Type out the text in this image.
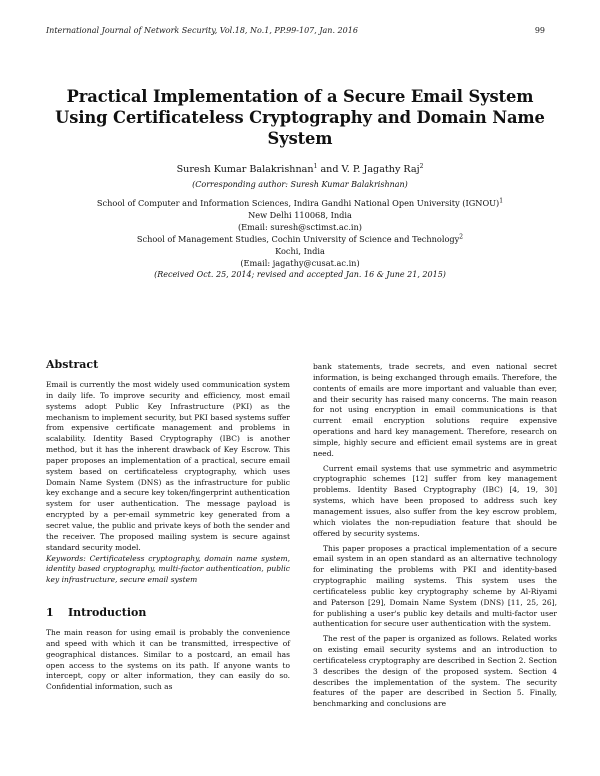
International Journal of Network Security, Vol.18, No.1, PP.99-107, Jan. 2016	99
Practical Implementation of a Secure Email System Using Certificateless Cryptography and Domain Name System
Suresh Kumar Balakrishnan$^1$ and V. P. Jagathy Raj$^2$
(Corresponding author: Suresh Kumar Balakrishnan)
School of Computer and Information Sciences, Indira Gandhi National Open University (IGNOU)$^1$
New Delhi 110068, India
(Email: suresh@sctimst.ac.in)
School of Management Studies, Cochin University of Science and Technology$^2$
Kochi, India
(Email: jagathy@cusat.ac.in)
(Received Oct. 25, 2014; revised and accepted Jan. 16 & June 21, 2015)
Abstract

Email is currently the most widely used communication system in daily life. To improve security and efficiency, most email systems adopt Public Key Infrastructure (PKI) as the mechanism to implement security, but PKI based systems suffer from expensive certificate management and problems in scalability. Identity Based Cryptography (IBC) is another method, but it has the inherent drawback of Key Escrow. This paper proposes an implementation of a practical, secure email system based on certificateless cryptography, which uses Domain Name System (DNS) as the infrastructure for public key exchange and a secure key token/fingerprint authentication system for user authentication. The message payload is encrypted by a per-email symmetric key generated from a secret value, the public and private keys of both the sender and the receiver. The proposed mailing system is secure against standard security model.

Keywords: Certificateless cryptography, domain name system, identity based cryptography, multi-factor authentication, public key infrastructure, secure email system

1 Introduction

The main reason for using email is probably the convenience and speed with which it can be transmitted, irrespective of geographical distances. Similar to a postcard, an email has open access to the systems on its path. If anyone wants to intercept, copy or alter information, they can easily do so. Confidential information, such as

bank statements, trade secrets, and even national secret information, is being exchanged through emails. Therefore, the contents of emails are more important and valuable than ever, and their security has raised many concerns. The main reason for not using encryption in email communications is that current email encryption solutions require expensive operations and hard key management. Therefore, research on simple, highly secure and efficient email systems are in great need.

Current email systems that use symmetric and asymmetric cryptographic schemes [12] suffer from key management problems. Identity Based Cryptography (IBC) [4, 19, 30] systems, which have been proposed to address such key management issues, also suffer from the key escrow problem, which violates the non-repudiation feature that should be offered by security systems.

This paper proposes a practical implementation of a secure email system in an open standard as an alternative technology for eliminating the problems with PKI and identity-based cryptographic mailing systems. This system uses the certificateless public key cryptography scheme by Al-Riyami and Paterson [29], Domain Name System (DNS) [11, 25, 26], for publishing a user's public key details and multi-factor user authentication for secure user authentication with the system.

The rest of the paper is organized as follows. Related works on existing email security systems and an introduction to certificateless cryptography are described in Section 2. Section 3 describes the design of the proposed system. Section 4 describes the implementation of the system. The security features of the paper are described in Section 5. Finally, benchmarking and conclusions are
